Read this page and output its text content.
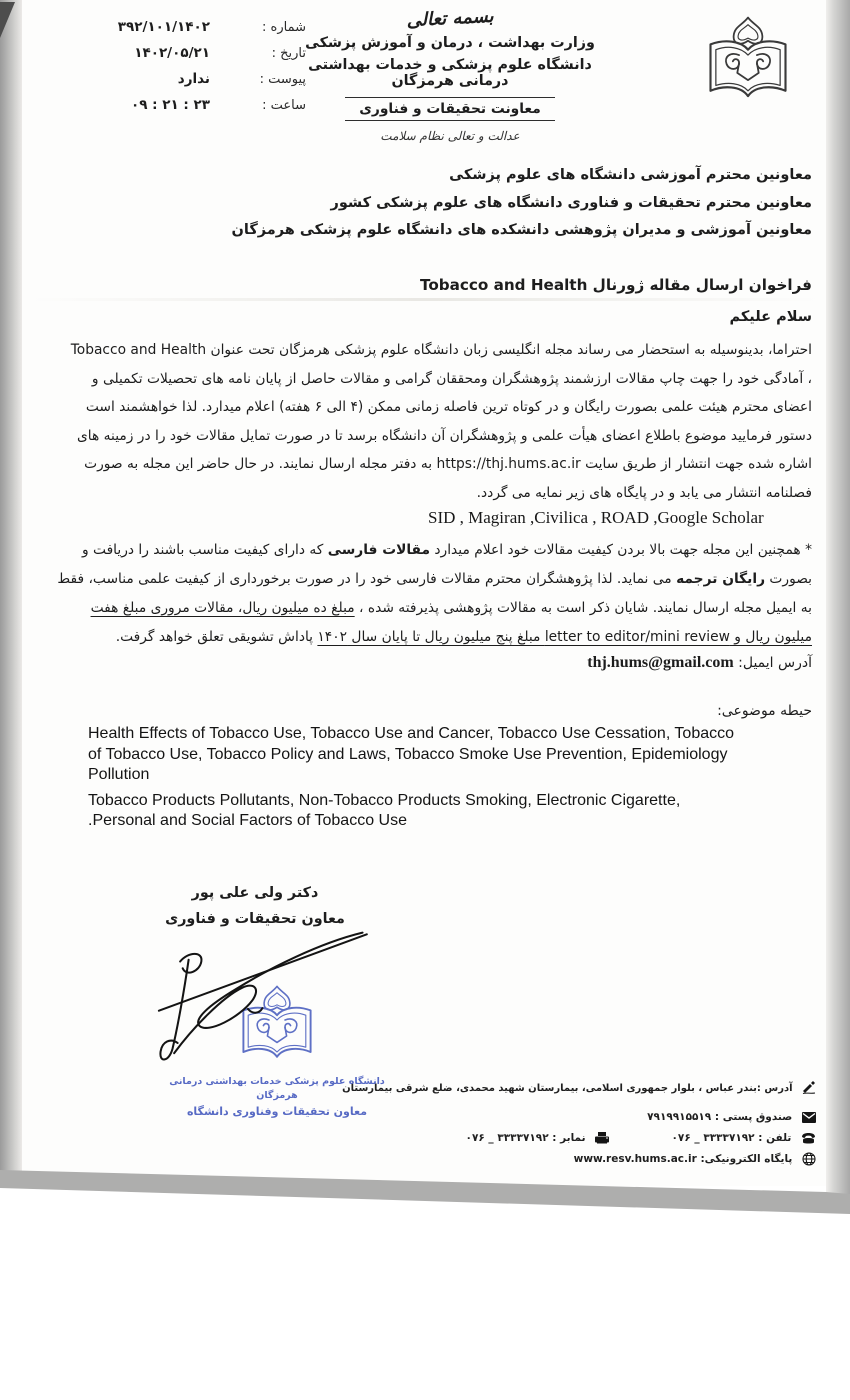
شماره :
۳۹۲/۱۰۱/۱۴۰۲
تاریخ :
۱۴۰۲/۰۵/۲۱
پیوست :
ندارد
ساعت :
۰۹ : ۲۱ : ۲۳
بسمه تعالی
وزارت بهداشت ، درمان و آموزش پزشکی
دانشگاه علوم پزشکی و خدمات بهداشتی درمانی هرمزگان
معاونت تحقیقات و فناوری
عدالت و تعالی نظام سلامت
معاونین محترم آموزشی دانشگاه های علوم پزشکی
معاونین محترم تحقیقات و فناوری دانشگاه های علوم پزشکی کشور
معاونین آموزشی و مدیران پژوهشی دانشکده های دانشگاه علوم پزشکی هرمزگان
فراخوان ارسال مقاله ژورنال Tobacco and Health
سلام علیکم
احتراما، بدینوسیله به استحضار می رساند مجله انگلیسی زبان دانشگاه علوم پزشکی هرمزگان تحت عنوان Tobacco and Health
، آمادگی خود را جهت چاپ مقالات ارزشمند پژوهشگران ومحققان گرامی و مقالات حاصل از پایان نامه های تحصیلات تکمیلی و
اعضای محترم هیئت علمی بصورت رایگان و در کوتاه ترین فاصله زمانی ممکن (۴ الی ۶ هفته) اعلام میدارد. لذا خواهشمند است
دستور فرمایید موضوع باطلاع اعضای هیأت علمی و پژوهشگران آن دانشگاه برسد تا در صورت تمایل مقالات خود را در زمینه های
اشاره شده جهت انتشار از طریق سایت https://thj.hums.ac.ir به دفتر مجله ارسال نمایند. در حال حاضر این مجله به صورت
فصلنامه انتشار می یابد و در پایگاه های زیر نمایه می گردد.
SID , Magiran ,Civilica , ROAD ,Google Scholar
* همچنین این مجله جهت بالا بردن کیفیت مقالات خود اعلام میدارد مقالات فارسی که دارای کیفیت مناسب باشند را دریافت و
بصورت رایگان ترجمه می نماید. لذا پژوهشگران محترم مقالات فارسی خود را در صورت برخورداری از کیفیت علمی مناسب، فقط
به ایمیل مجله ارسال نمایند. شایان ذکر است به مقالات پژوهشی پذیرفته شده ، مبلغ ده میلیون ریال، مقالات مروری مبلغ هفت
میلیون ریال و letter to editor/mini review مبلغ پنج میلیون ریال تا پایان سال ۱۴۰۲ پاداش تشویقی تعلق خواهد گرفت.
آدرس ایمیل: thj.hums@gmail.com
حیطه موضوعی:
Health Effects of Tobacco Use, Tobacco Use and Cancer, Tobacco Use Cessation, Tobacco
of Tobacco Use, Tobacco Policy and Laws, Tobacco Smoke Use Prevention, Epidemiology
Pollution
Tobacco Products Pollutants, Non-Tobacco Products Smoking, Electronic Cigarette,
.Personal and Social Factors of Tobacco Use
دکتر ولی علی پور
معاون تحقیقات و فناوری
دانشگاه علوم پزشکی خدمات بهداشتی درمانی هرمزگان
معاون تحقیقات وفناوری دانشگاه
آدرس :بندر عباس ، بلوار جمهوری اسلامی، بیمارستان شهید محمدی، ضلع شرقی بیمارستان
صندوق پستی : ۷۹۱۹۹۱۵۵۱۹
تلفن : ۳۳۳۳۷۱۹۲ _ ۰۷۶   نمابر : ۳۳۳۳۷۱۹۲ _ ۰۷۶
پایگاه الکترونیکی: www.resv.hums.ac.ir
